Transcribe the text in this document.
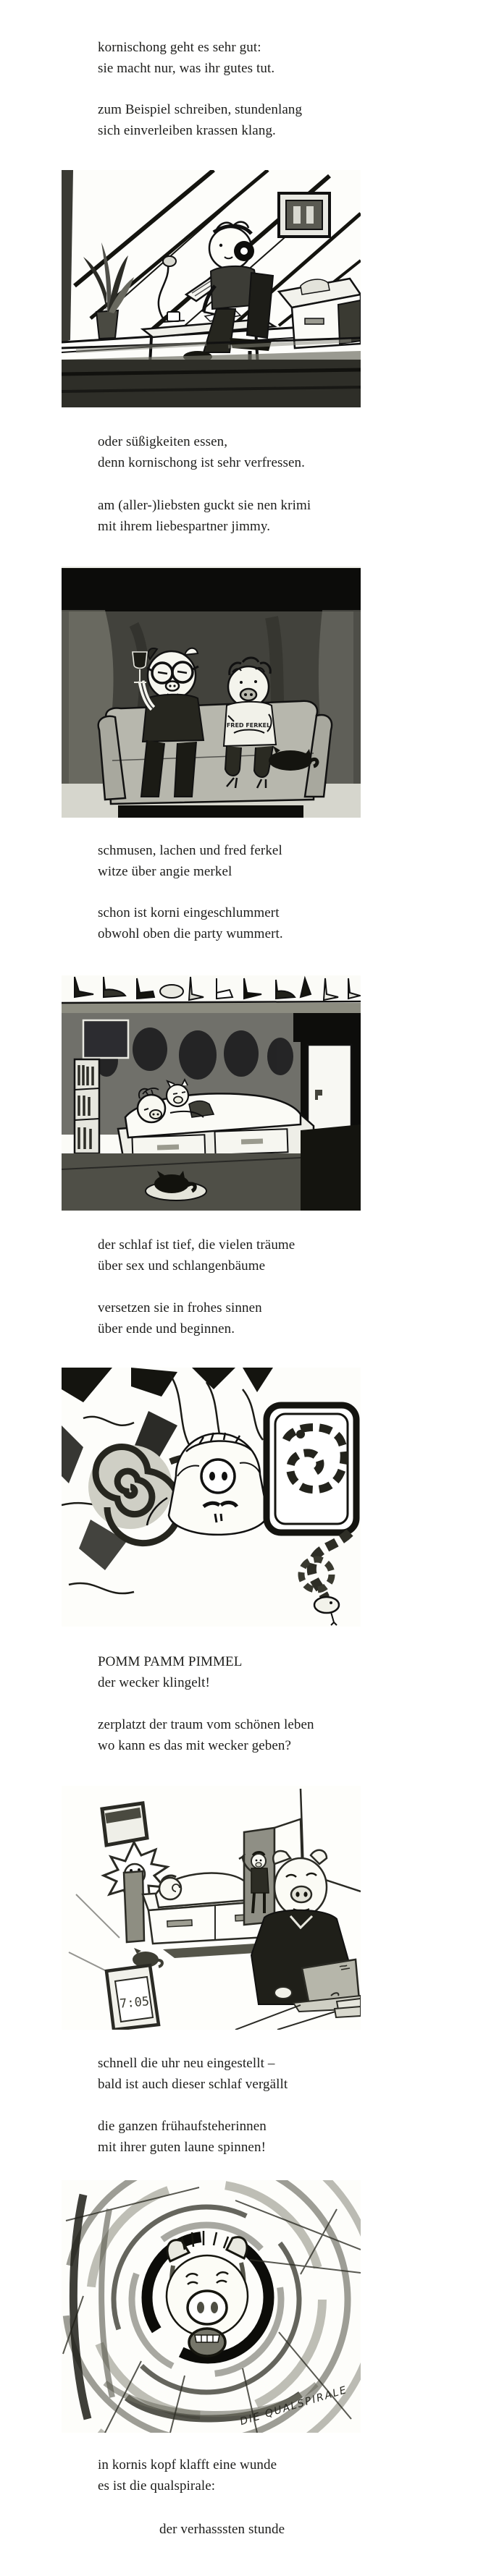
kornischong geht es sehr gut:
sie macht nur, was ihr gutes tut.
zum Beispiel schreiben, stundenlang
sich einverleiben krassen klang.
oder süßigkeiten essen,
denn kornischong ist sehr verfressen.
am (aller-)liebsten guckt sie nen krimi
mit ihrem liebespartner jimmy.
FRED FERKEL
schmusen, lachen und fred ferkel
witze über angie merkel
schon ist korni eingeschlummert
obwohl oben die party wummert.
der schlaf ist tief, die vielen träume
über sex und schlangenbäume
versetzen sie in frohes sinnen
über ende und beginnen.
POMM PAMM PIMMEL
der wecker klingelt!
zerplatzt der traum vom schönen leben
wo kann es das mit wecker geben?
7:05
schnell die uhr neu eingestellt –
bald ist auch dieser schlaf vergällt
die ganzen frühaufsteherinnen
mit ihrer guten laune spinnen!
DIE QUALSPIRALE
in kornis kopf klafft eine wunde
es ist die qualspirale:
der verhasssten stunde
